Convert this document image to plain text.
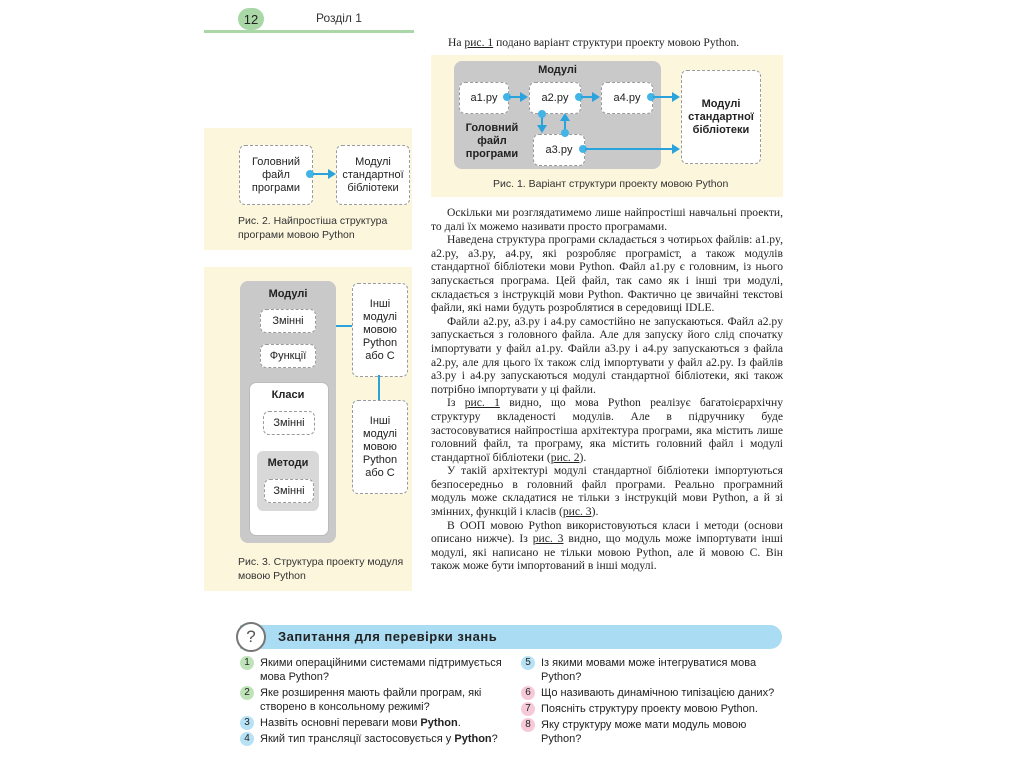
12	Розділ 1
На рис. 1 подано варіант структури проекту мовою Python.
Модулі
a1.py	a2.py	a4.py
a3.py
Головний
файл
програми
Модулі
стандартної
бібліотеки
Рис. 1. Варіант структури проекту мовою Python
Головний
файл
програми
Модулі
стандартної
бібліотеки
Рис. 2. Найпростіша структура
програми мовою Python
Модулі
Змінні
Функції
Класи
Змінні
Методи
Змінні
Інші
модулі
мовою
Python
або С
Інші
модулі
мовою
Python
або С
Рис. 3. Структура проекту модуля
мовою Python

Оскільки ми розглядатимемо лише найпростіші навчальні проекти, то далі їх можемо називати просто програмами.

Наведена структура програми складається з чотирьох файлів: a1.py, a2.py, a3.py, a4.py, які розробляє програміст, а також модулів стандартної бібліотеки мови Python. Файл a1.py є головним, із нього запускається програма. Цей файл, так само як і інші три модулі, складається з інструкцій мови Python. Фактично це звичайні текстові файли, які нами будуть розроблятися в середовищі IDLE.

Файли a2.py, a3.py і a4.py самостійно не запускаються. Файл a2.py запускається з головного файла. Але для запуску його слід спочатку імпортувати у файл a1.py. Файли a3.py і a4.py запускаються з файла a2.py, але для цього їх також слід імпортувати у файл a2.py. Із файлів a3.py і a4.py запускаються модулі стандартної бібліотеки, які також потрібно імпортувати у ці файли.

Із рис. 1 видно, що мова Python реалізує багатоієрархічну структуру вкладеності модулів. Але в підручнику буде застосовуватися найпростіша архітектура програми, яка містить лише головний файл, та програму, яка містить головний файл і модулі стандартної бібліотеки (рис. 2).

У такій архітектурі модулі стандартної бібліотеки імпортуються безпосередньо в головний файл програми. Реально програмний модуль може складатися не тільки з інструкцій мови Python, а й зі змінних, функцій і класів (рис. 3).

В ООП мовою Python використовуються класи і методи (основи описано нижче). Із рис. 3 видно, що модуль може імпортувати інші модулі, які написано не тільки мовою Python, але й мовою С. Він також може бути імпортований в інші модулі.

?	Запитання для перевірки знань
1 Якими операційними системами підтримується мова Python?
2 Яке розширення мають файли програм, які створено в консольному режимі?
3 Назвіть основні переваги мови Python.
4 Який тип трансляції застосовується у Python?
5 Із якими мовами може інтегруватися мова Python?
6 Що називають динамічною типізацією даних?
7 Поясніть структуру проекту мовою Python.
8 Яку структуру може мати модуль мовою Python?
